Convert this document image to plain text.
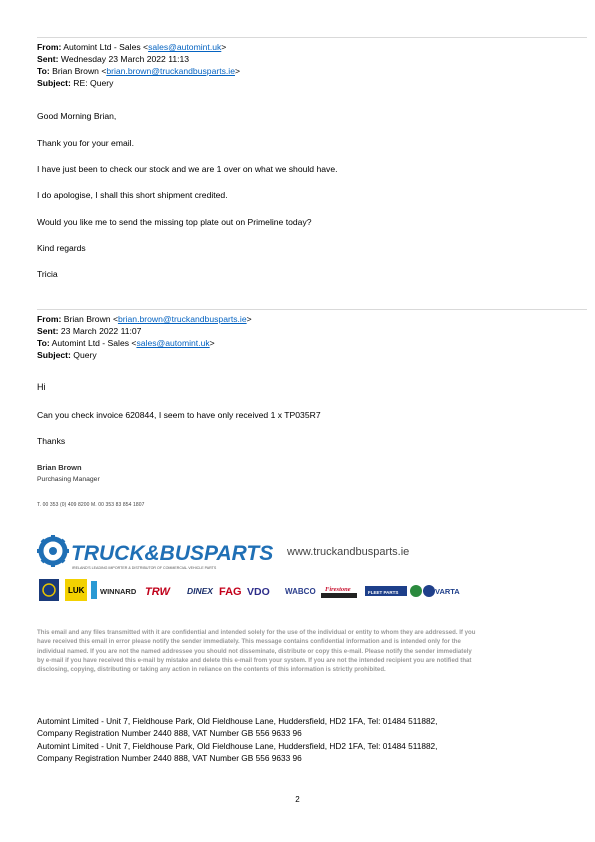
From: Automint Ltd - Sales <sales@automint.uk>
Sent: Wednesday 23 March 2022 11:13
To: Brian Brown <brian.brown@truckandbusparts.ie>
Subject: RE: Query
Good Morning Brian,
Thank you for your email.
I have just been to check our stock and we are 1 over on what we should have.
I do apologise, I shall this short shipment credited.
Would you like me to send the missing top plate out on Primeline today?
Kind regards
Tricia
From: Brian Brown <brian.brown@truckandbusparts.ie>
Sent: 23 March 2022 11:07
To: Automint Ltd - Sales <sales@automint.uk>
Subject: Query
Hi
Can you check invoice 620844, I seem to have only received 1 x TP035R7
Thanks
Brian Brown
Purchasing Manager
T. 00 353 (0) 409 8200 M. 00 353 83 854 1807
TRUCK&BUSPARTS
IRELAND'S LEADING IMPORTER & DISTRIBUTOR OF COMMERCIAL VEHICLE PARTS
www.truckandbusparts.ie
LUK WINNARD TRW DINEX FAG VDO WABCO Firestone	FLEET PARTS	VARTA
This email and any files transmitted with it are confidential and intended solely for the use of the individual or entity to whom they are addressed. If you have received this email in error please notify the sender immediately. This message contains confidential information and is intended only for the individual named. If you are not the named addressee you should not disseminate, distribute or copy this e-mail. Please notify the sender immediately by e-mail if you have received this e-mail by mistake and delete this e-mail from your system. If you are not the intended recipient you are notified that disclosing, copying, distributing or taking any action in reliance on the contents of this information is strictly prohibited.
Automint Limited - Unit 7, Fieldhouse Park, Old Fieldhouse Lane, Huddersfield, HD2 1FA, Tel: 01484 511882,
Company Registration Number 2440 888, VAT Number GB 556 9633 96
Automint Limited - Unit 7, Fieldhouse Park, Old Fieldhouse Lane, Huddersfield, HD2 1FA, Tel: 01484 511882,
Company Registration Number 2440 888, VAT Number GB 556 9633 96
2
